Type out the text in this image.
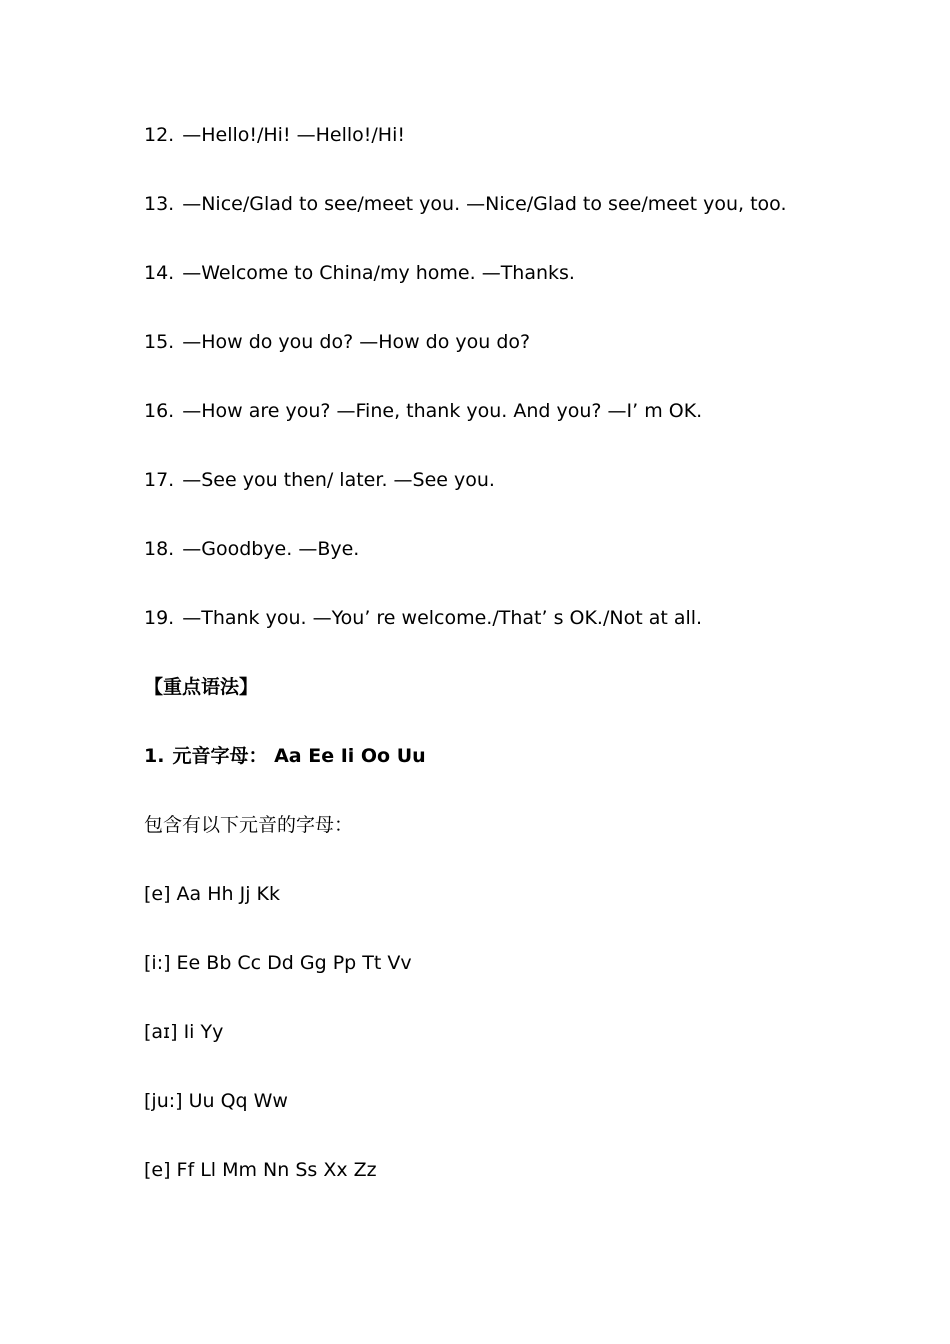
12. —Hello!/Hi! —Hello!/Hi!
13. —Nice/Glad to see/meet you. —Nice/Glad to see/meet you, too.
14. —Welcome to China/my home. —Thanks.
15. —How do you do? —How do you do?
16. —How are you? —Fine, thank you. And you? —I’ m OK.
17. —See you then/ later. —See you.
18. —Goodbye. —Bye.
19. —Thank you. —You’ re welcome./That’ s OK./Not at all.
【重点语法】
1. 元音字母： Aa Ee Ii Oo Uu
包含有以下元音的字母：
[e] Aa Hh Jj Kk
[i:] Ee Bb Cc Dd Gg Pp Tt Vv
[aɪ] Ii Yy
[ju:] Uu Qq Ww
[e] Ff Ll Mm Nn Ss Xx Zz
